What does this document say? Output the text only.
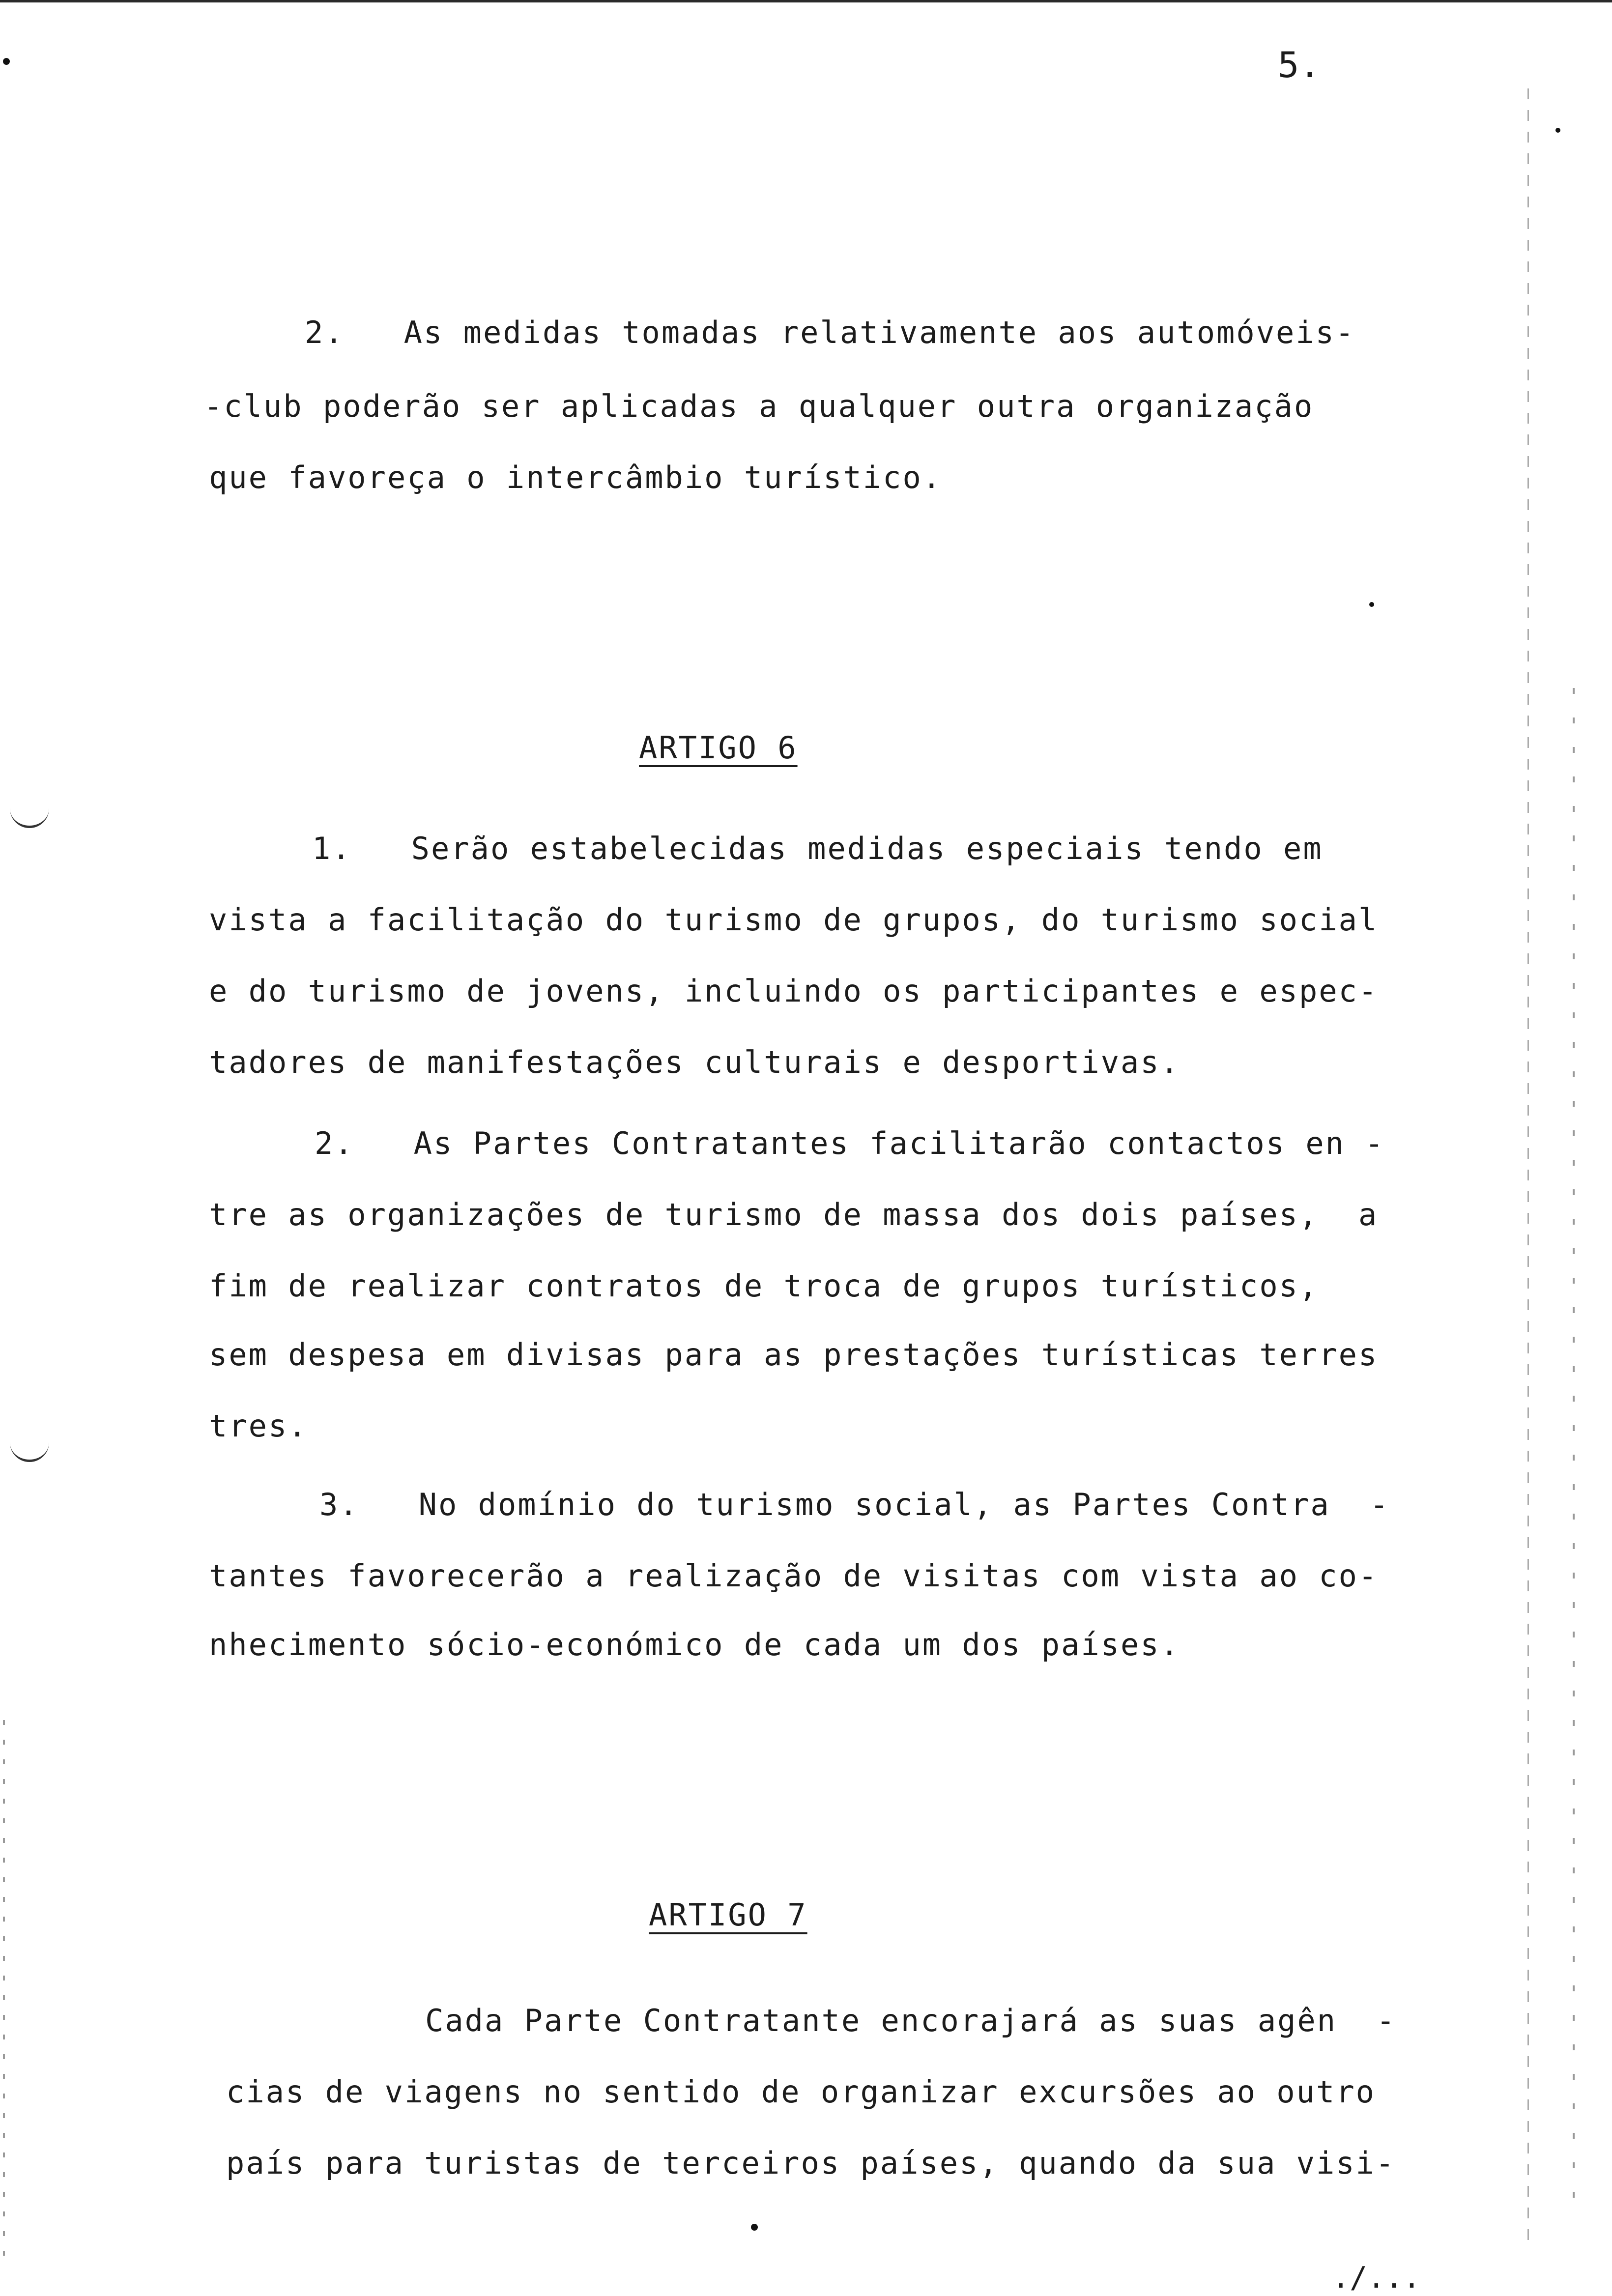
5.
2.   As medidas tomadas relativamente aos automóveis-
-club poderão ser aplicadas a qualquer outra organização
que favoreça o intercâmbio turístico.
ARTIGO 6
1.   Serão estabelecidas medidas especiais tendo em
vista a facilitação do turismo de grupos, do turismo social
e do turismo de jovens, incluindo os participantes e espec-
tadores de manifestações culturais e desportivas.
2.   As Partes Contratantes facilitarão contactos en -
tre as organizações de turismo de massa dos dois países,  a
fim de realizar contratos de troca de grupos turísticos,
sem despesa em divisas para as prestações turísticas terres
tres.
3.   No domínio do turismo social, as Partes Contra  -
tantes favorecerão a realização de visitas com vista ao co-
nhecimento sócio-económico de cada um dos países.
ARTIGO 7
Cada Parte Contratante encorajará as suas agên  -
cias de viagens no sentido de organizar excursões ao outro
país para turistas de terceiros países, quando da sua visi-
./...
